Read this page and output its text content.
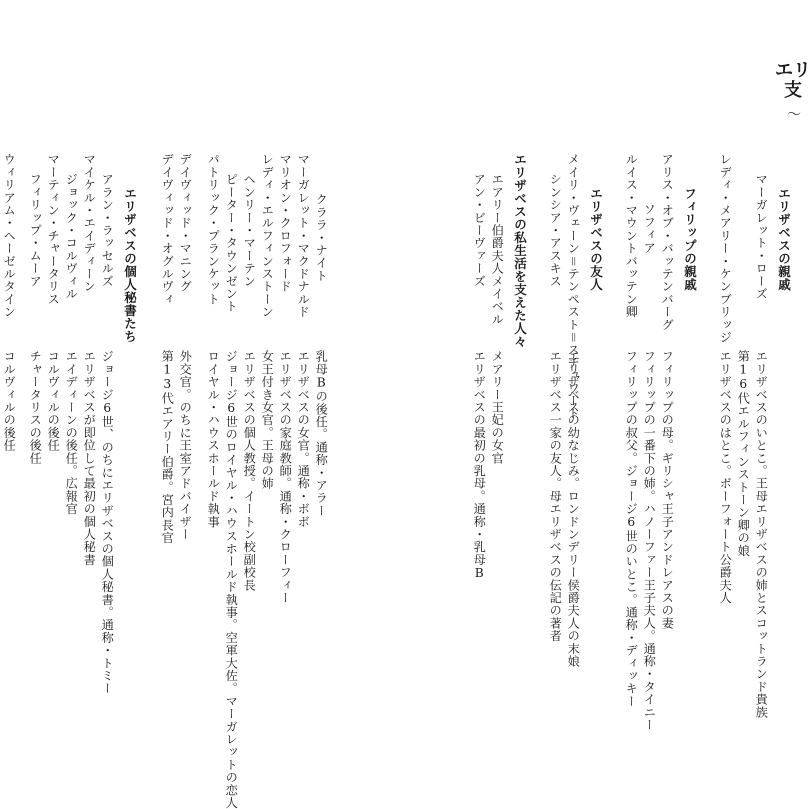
エリ
支
〜
エリザベスの親戚
マーガレット・ローズ
エリザベスのいとこ。王母エリザベスの姉とスコットランド貴族
第16代エルフィンストーン卿の娘
レディ・メアリー・ケンブリッジ
エリザベスのはとこ。ボーフォート公爵夫人
フィリップの親戚
アリス・オブ・バッテンバーグ
フィリップの母。ギリシャ王子アンドレアスの妻
ソフィア
フィリップの一番下の姉。ハノーファー王子夫人。通称・タイニー
ルイス・マウントバッテン卿
フィリップの叔父。ジョージ6世のいとこ。通称・ディッキー
エリザベスの友人
メイリ・ヴェーン＝テンペスト＝スチュワート
エリザベスの幼なじみ。ロンドンデリー侯爵夫人の末娘
シンシア・アスキス
エリザベス一家の友人。母エリザベスの伝記の著者
エリザベスの私生活を支えた人々
エアリー伯爵夫人メイベル
メアリー王妃の女官
アン・ビーヴァーズ
エリザベスの最初の乳母。通称・乳母B
クララ・ナイト
乳母Bの後任。通称・アラー
マーガレット・マクドナルド
エリザベスの女官。通称・ボボ
マリオン・クロフォード
エリザベスの家庭教師。通称・クローフィー
レディ・エルフィンストーン
女王付き女官。王母の姉
ヘンリー・マーテン
エリザベスの個人教授。イートン校副校長
ピーター・タウンゼント
ジョージ6世のロイヤル・ハウスホールド執事。空軍大佐。マーガレットの恋人
パトリック・プランケット
ロイヤル・ハウスホールド執事
デイヴィッド・マニング
外交官。のちに王室アドバイザー
デイヴィッド・オグルヴィ
第13代エアリー伯爵。宮内長官
エリザベスの個人秘書たち
アラン・ラッセルズ
ジョージ6世、のちにエリザベスの個人秘書。通称・トミー
マイケル・エイディーン
エリザベスが即位して最初の個人秘書
ジョック・コルヴィル
エイディーンの後任。広報官
マーティン・チャータリス
コルヴィルの後任
フィリップ・ムーア
チャータリスの後任
ウィリアム・ヘーゼルタイン
コルヴィルの後任
